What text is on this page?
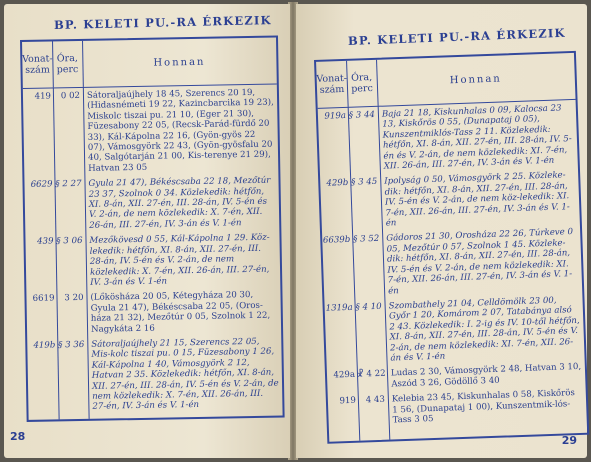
BP. KELETI PU.-RA ÉRKEZIK
Vonat-
szám
Óra,
perc
Honnan
419	0 02 Sátoraljaújhely 18 45, Szerencs 20 19, (Hidasnémeti 19 22, Kazincbarcika 19 23), Miskolc tiszai pu. 21 10, (Eger 21 30), Füzesabony 22 05, (Recsk-Parád-fürdő 20 33), Kál-Kápolna 22 16, (Gyön-gyös 22 07), Vámosgyörk 22 43, (Gyön-gyösfalu 20 40, Salgótarján 21 00, Kis-terenye 21 29), Hatvan 23 05
6629 § 2 27 Gyula 21 47), Békéscsaba 22 18, Mezőtúr 23 37, Szolnok 0 34. Közlekedik: hétfőn, XI. 8-án, XII. 27-én, III. 28-án, IV. 5-én és V. 2-án, de nem közlekedik: X. 7-én, XII. 26-án, III. 27-én, IV. 3-án és V. 1-én
439 § 3 06 Mezőkövesd 0 55, Kál-Kápolna 1 29. Köz-lekedik: hétfőn, XI. 8-án, XII. 27-én, III. 28-án, IV. 5-én és V. 2-án, de nem közlekedik: X. 7-én, XII. 26-án, III. 27-én, IV. 3-án és V. 1-én
6619	3 20 (Lőkösháza 20 05, Kétegyháza 20 30, Gyula 21 47), Békéscsaba 22 05, (Oros-háza 21 32), Mezőtúr 0 05, Szolnok 1 22, Nagykáta 2 16
419b § 3 36 Sátoraljaújhely 21 15, Szerencs 22 05, Mis-kolc tiszai pu. 0 15, Füzesabony 1 26, Kál-Kápolna 1 40, Vámosgyörk 2 12, Hatvan 2 35. Közlekedik: hétfőn, XI. 8-án, XII. 27-én, III. 28-án, IV. 5-én és V. 2-án, de nem közlekedik: X. 7-én, XII. 26-án, III. 27-én, IV. 3-án és V. 1-én
28
BP. KELETI PU.-RA ÉRKEZIK
Vonat-
szám
Óra,
perc
Honnan
919a § 3 44 Baja 21 18, Kiskunhalas 0 09, Kalocsa 23 13, Kiskőrös 0 55, (Dunapataj 0 05), Kunszentmiklós-Tass 2 11. Közlekedik: hétfőn, XI. 8-án, XII. 27-én, III. 28-án, IV. 5-én és V. 2-án, de nem közlekedik: XI. 7-én, XII. 26-án, III. 27-én, IV. 3-án és V. 1-én
429b § 3 45 Ipolyság 0 50, Vámosgyörk 2 25. Közleke-dik: hétfőn, XI. 8-án, XII. 27-én, III. 28-án, IV. 5-én és V. 2-án, de nem köz-lekedik: XI. 7-én, XII. 26-án, III. 27-én, IV. 3-án és V. 1-én
6639b § 3 52 Gádoros 21 30, Orosháza 22 26, Túrkeve 0 05, Mezőtúr 0 57, Szolnok 1 45. Közleke-dik: hétfőn, XI. 8-án, XII. 27-én, III. 28-án, IV. 5-én és V. 2-án, de nem közlekedik: XI. 7-én, XII. 26-án, III. 27-én, IV. 3-án és V. 1-én
1319a § 4 10 Szombathely 21 04, Celldömölk 23 00, Győr 1 20, Komárom 2 07, Tatabánya alsó 2 43. Közlekedik: I. 2-ig és IV. 10-től hétfőn, XI. 8-án, XII. 27-én, III. 28-án, IV. 5-én és V. 2-án, de nem közlekedik: XI. 7-én, XII. 26-án és V. 1-én
429a ☧ 4 22 Ludas 2 30, Vámosgyörk 2 48, Hatvan 3 10, Aszód 3 26, Gödöllő 3 40
919	4 43 Kelebia 23 45, Kiskunhalas 0 58, Kiskőrös 1 56, (Dunapataj 1 00), Kunszentmik-lós-Tass 3 05
29
